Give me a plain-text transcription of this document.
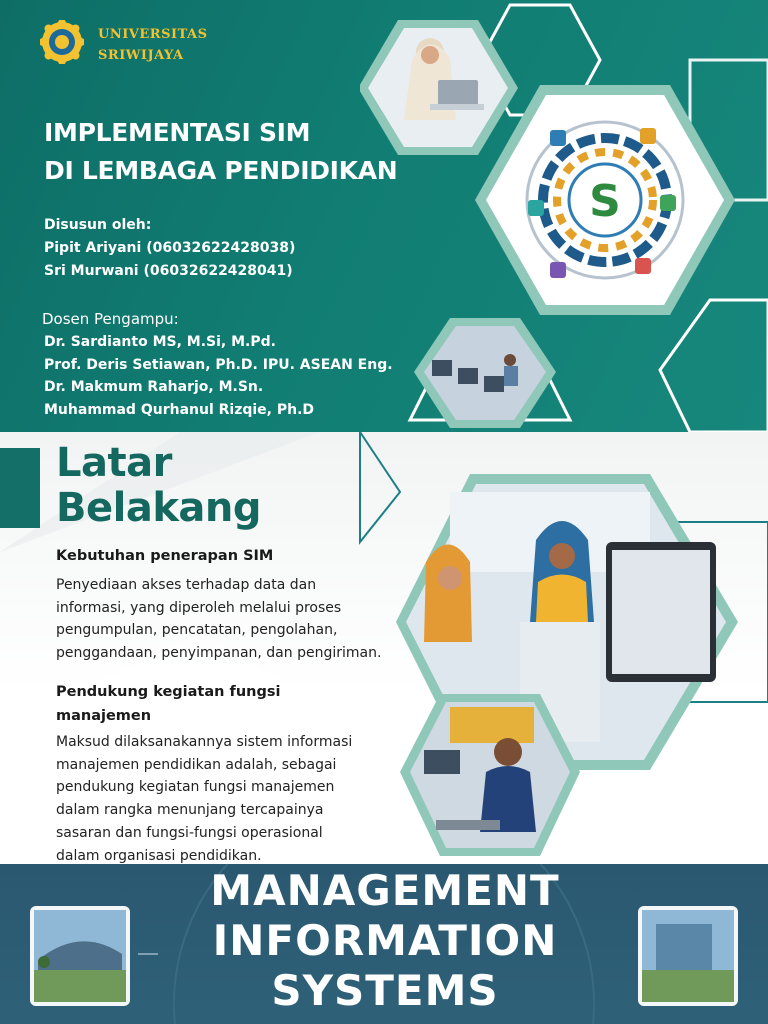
S
UNIVERSITAS
SRIWIJAYA
IMPLEMENTASI SIM
DI LEMBAGA PENDIDIKAN
Disusun oleh:
Pipit Ariyani (06032622428038)
Sri Murwani (06032622428041)
Dosen Pengampu:
Dr. Sardianto MS, M.Si, M.Pd.
Prof. Deris Setiawan, Ph.D. IPU. ASEAN Eng.
Dr. Makmum Raharjo, M.Sn.
Muhammad Qurhanul Rizqie, Ph.D
Latar
Belakang
Kebutuhan penerapan SIM
Penyediaan akses terhadap data dan
informasi, yang diperoleh melalui proses
pengumpulan, pencatatan, pengolahan,
penggandaan, penyimpanan, dan pengiriman.
Pendukung kegiatan fungsi
manajemen
Maksud dilaksanakannya sistem informasi
manajemen pendidikan adalah, sebagai
pendukung kegiatan fungsi manajemen
dalam rangka menunjang tercapainya
sasaran dan fungsi-fungsi operasional
dalam organisasi pendidikan.
MANAGEMENT
INFORMATION
SYSTEMS
